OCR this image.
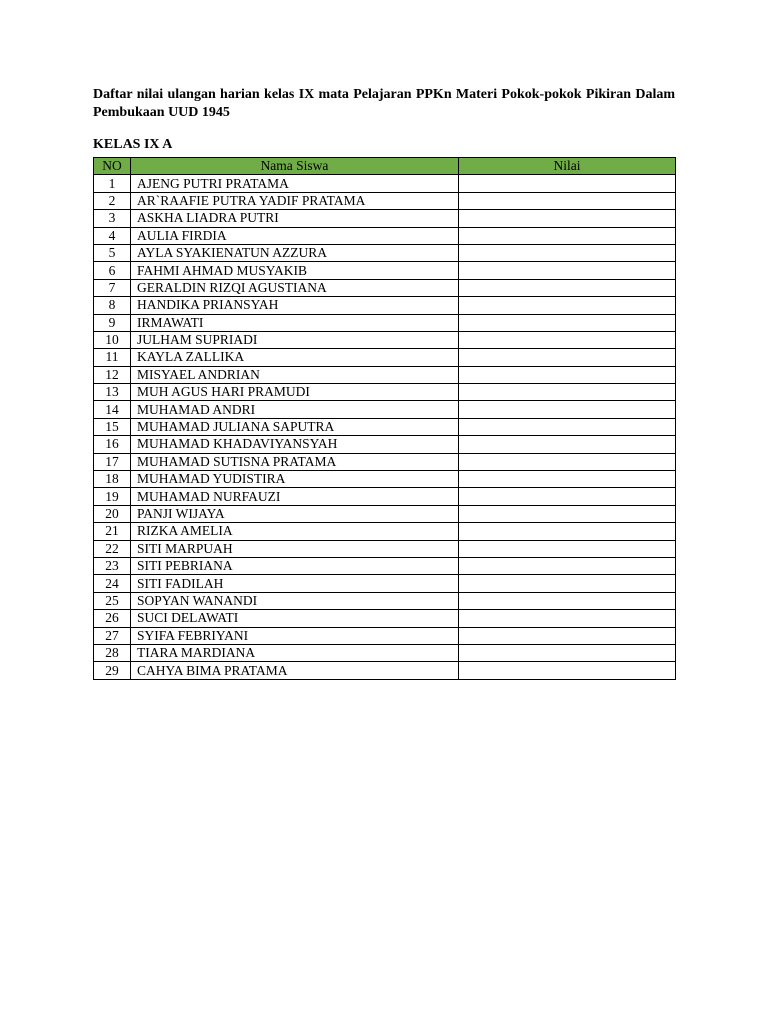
Daftar nilai ulangan harian kelas IX mata Pelajaran PPKn Materi Pokok-pokok Pikiran Dalam Pembukaan UUD 1945

KELAS IX A
NO	Nama Siswa	Nilai
1	AJENG PUTRI PRATAMA	
2	AR`RAAFIE PUTRA YADIF PRATAMA	
3	ASKHA LIADRA PUTRI	
4	AULIA FIRDIA	
5	AYLA SYAKIENATUN AZZURA	
6	FAHMI AHMAD MUSYAKIB	
7	GERALDIN RIZQI AGUSTIANA	
8	HANDIKA PRIANSYAH	
9	IRMAWATI	
10	JULHAM SUPRIADI	
11	KAYLA ZALLIKA	
12	MISYAEL ANDRIAN	
13	MUH AGUS HARI PRAMUDI	
14	MUHAMAD ANDRI	
15	MUHAMAD JULIANA SAPUTRA	
16	MUHAMAD KHADAVIYANSYAH	
17	MUHAMAD SUTISNA PRATAMA	
18	MUHAMAD YUDISTIRA	
19	MUHAMAD NURFAUZI	
20	PANJI WIJAYA	
21	RIZKA AMELIA	
22	SITI MARPUAH	
23	SITI PEBRIANA	
24	SITI FADILAH	
25	SOPYAN WANANDI	
26	SUCI DELAWATI	
27	SYIFA FEBRIYANI	
28	TIARA MARDIANA	
29	CAHYA BIMA PRATAMA	
